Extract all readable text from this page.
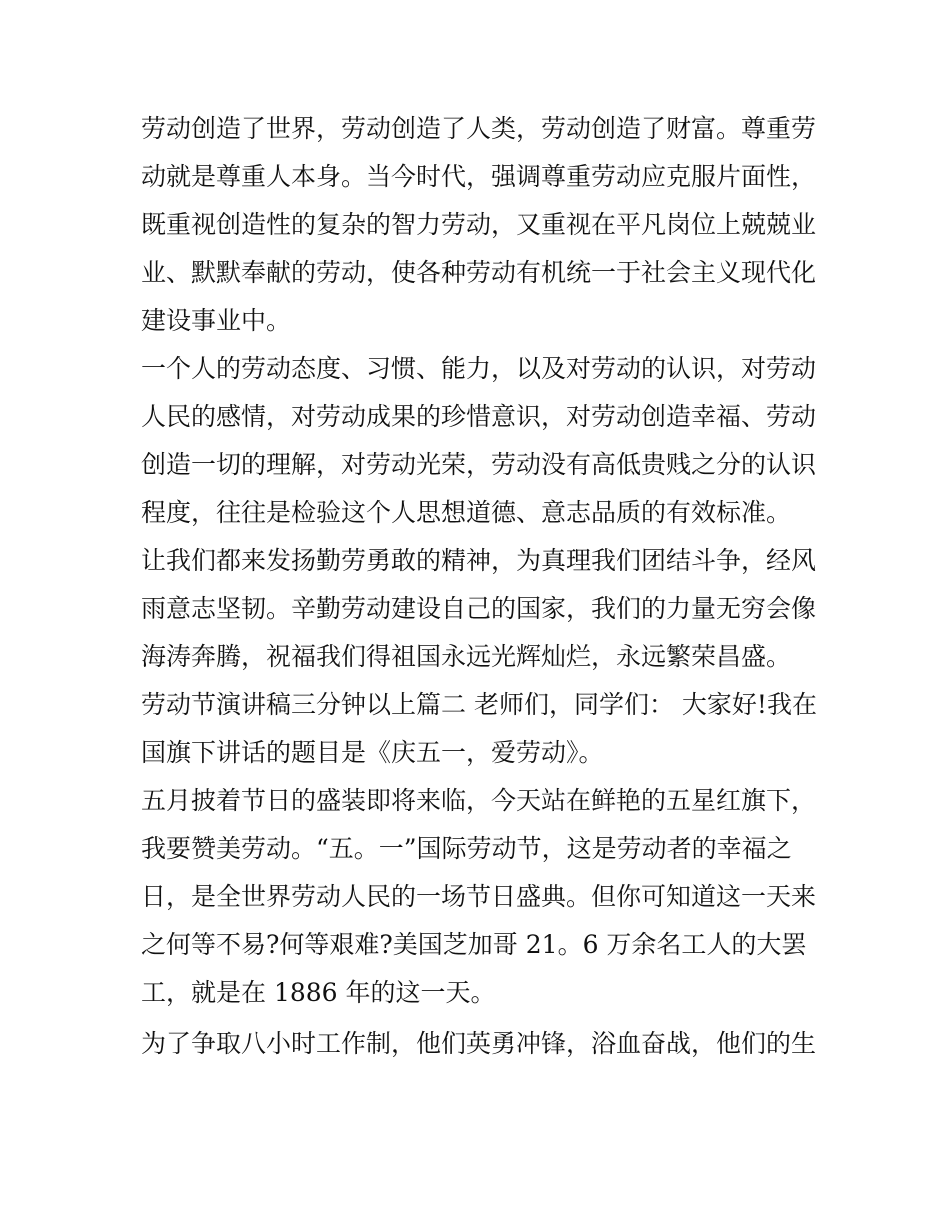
劳动创造了世界，劳动创造了人类，劳动创造了财富。尊重劳
动就是尊重人本身。当今时代，强调尊重劳动应克服片面性，
既重视创造性的复杂的智力劳动，又重视在平凡岗位上兢兢业
业、默默奉献的劳动，使各种劳动有机统一于社会主义现代化
建设事业中。
一个人的劳动态度、习惯、能力，以及对劳动的认识，对劳动
人民的感情，对劳动成果的珍惜意识，对劳动创造幸福、劳动
创造一切的理解，对劳动光荣，劳动没有高低贵贱之分的认识
程度，往往是检验这个人思想道德、意志品质的有效标准。
让我们都来发扬勤劳勇敢的精神，为真理我们团结斗争，经风
雨意志坚韧。辛勤劳动建设自己的国家，我们的力量无穷会像
海涛奔腾，祝福我们得祖国永远光辉灿烂，永远繁荣昌盛。
劳动节演讲稿三分钟以上篇二 老师们，同学们： 大家好!我在
国旗下讲话的题目是《庆五一，爱劳动》。
五月披着节日的盛装即将来临，今天站在鲜艳的五星红旗下，
我要赞美劳动。“五。一”国际劳动节，这是劳动者的幸福之
日，是全世界劳动人民的一场节日盛典。但你可知道这一天来
之何等不易?何等艰难?美国芝加哥 21。6 万余名工人的大罢
工，就是在 1886 年的这一天。
为了争取八小时工作制，他们英勇冲锋，浴血奋战，他们的生
